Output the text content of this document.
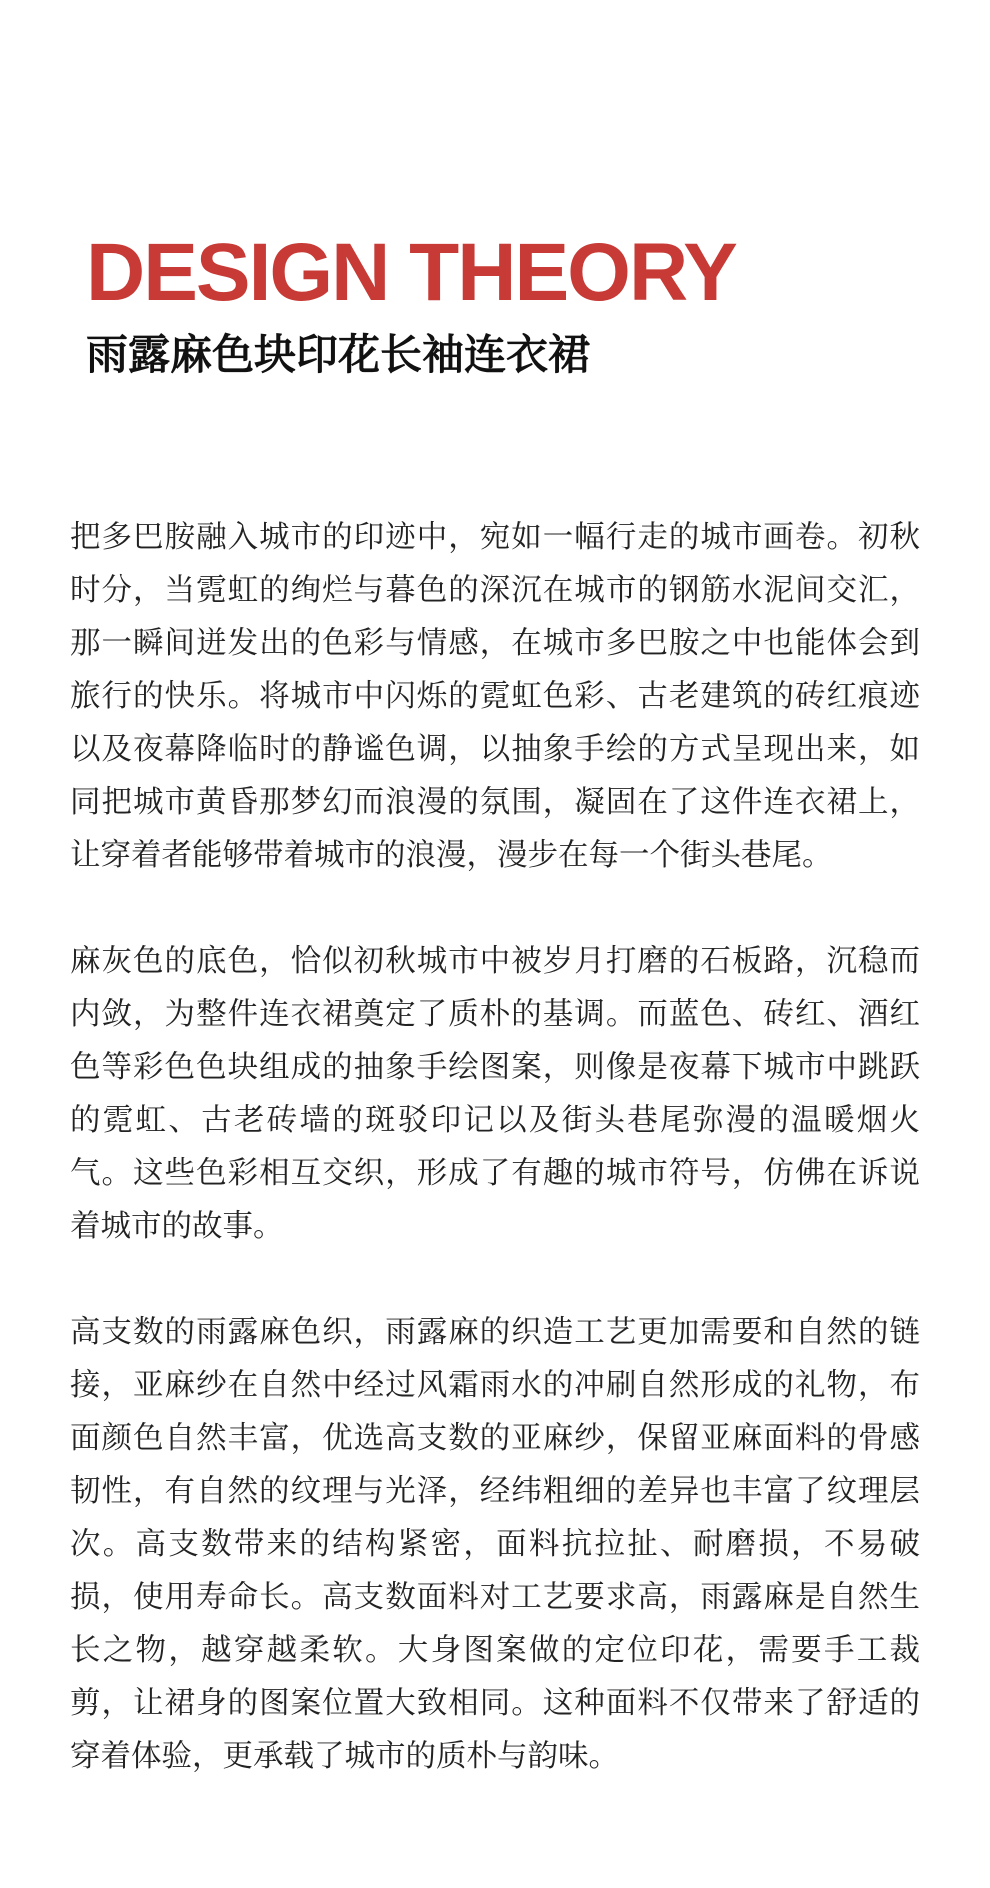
DESIGN THEORY
雨露麻色块印花长袖连衣裙

把多巴胺融入城市的印迹中，宛如一幅行走的城市画卷。初秋时分，当霓虹的绚烂与暮色的深沉在城市的钢筋水泥间交汇，那一瞬间迸发出的色彩与情感，在城市多巴胺之中也能体会到旅行的快乐。将城市中闪烁的霓虹色彩、古老建筑的砖红痕迹以及夜幕降临时的静谧色调，以抽象手绘的方式呈现出来，如同把城市黄昏那梦幻而浪漫的氛围，凝固在了这件连衣裙上，让穿着者能够带着城市的浪漫，漫步在每一个街头巷尾。

麻灰色的底色，恰似初秋城市中被岁月打磨的石板路，沉稳而内敛，为整件连衣裙奠定了质朴的基调。而蓝色、砖红、酒红色等彩色色块组成的抽象手绘图案，则像是夜幕下城市中跳跃的霓虹、古老砖墙的斑驳印记以及街头巷尾弥漫的温暖烟火气。这些色彩相互交织，形成了有趣的城市符号，仿佛在诉说着城市的故事。

高支数的雨露麻色织，雨露麻的织造工艺更加需要和自然的链接，亚麻纱在自然中经过风霜雨水的冲刷自然形成的礼物，布面颜色自然丰富，优选高支数的亚麻纱，保留亚麻面料的骨感韧性，有自然的纹理与光泽，经纬粗细的差异也丰富了纹理层次。高支数带来的结构紧密，面料抗拉扯、耐磨损，不易破损，使用寿命长。高支数面料对工艺要求高，雨露麻是自然生长之物，越穿越柔软。大身图案做的定位印花，需要手工裁剪，让裙身的图案位置大致相同。这种面料不仅带来了舒适的穿着体验，更承载了城市的质朴与韵味。
